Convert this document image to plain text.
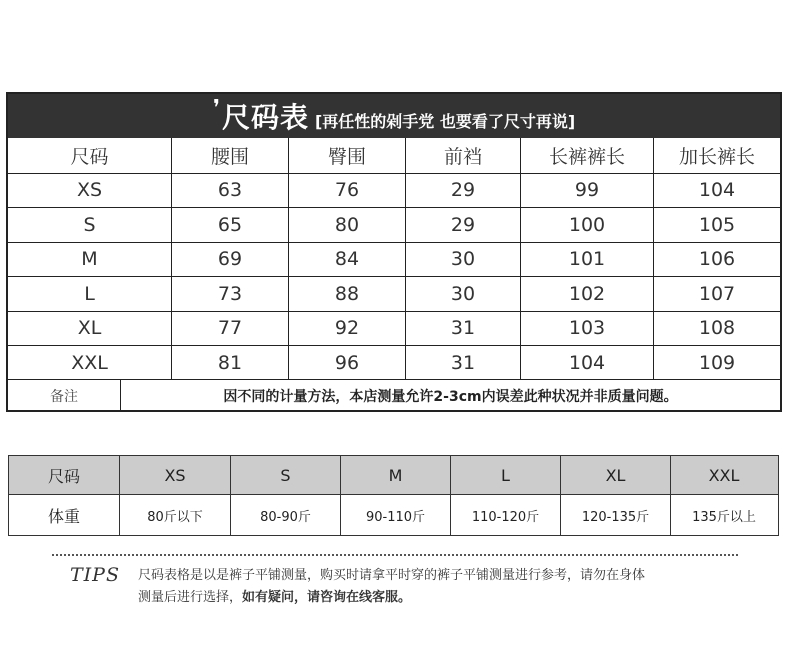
❜ 尺码表 [再任性的剁手党 也要看了尺寸再说]
尺码	腰围	臀围	前裆	长裤裤长	加长裤长
XS	63	76	29	99	104
S	65	80	29	100	105
M	69	84	30	101	106
L	73	88	30	102	107
XL	77	92	31	103	108
XXL	81	96	31	104	109
备注	因不同的计量方法，本店测量允许2-3cm内误差此种状况并非质量问题。
尺码	XS	S	M	L	XL	XXL
体重	80斤以下	80-90斤	90-110斤	110-120斤	120-135斤	135斤以上
TIPS 尺码表格是以是裤子平铺测量，购买时请拿平时穿的裤子平铺测量进行参考，请勿在身体
测量后进行选择，如有疑问，请咨询在线客服。
